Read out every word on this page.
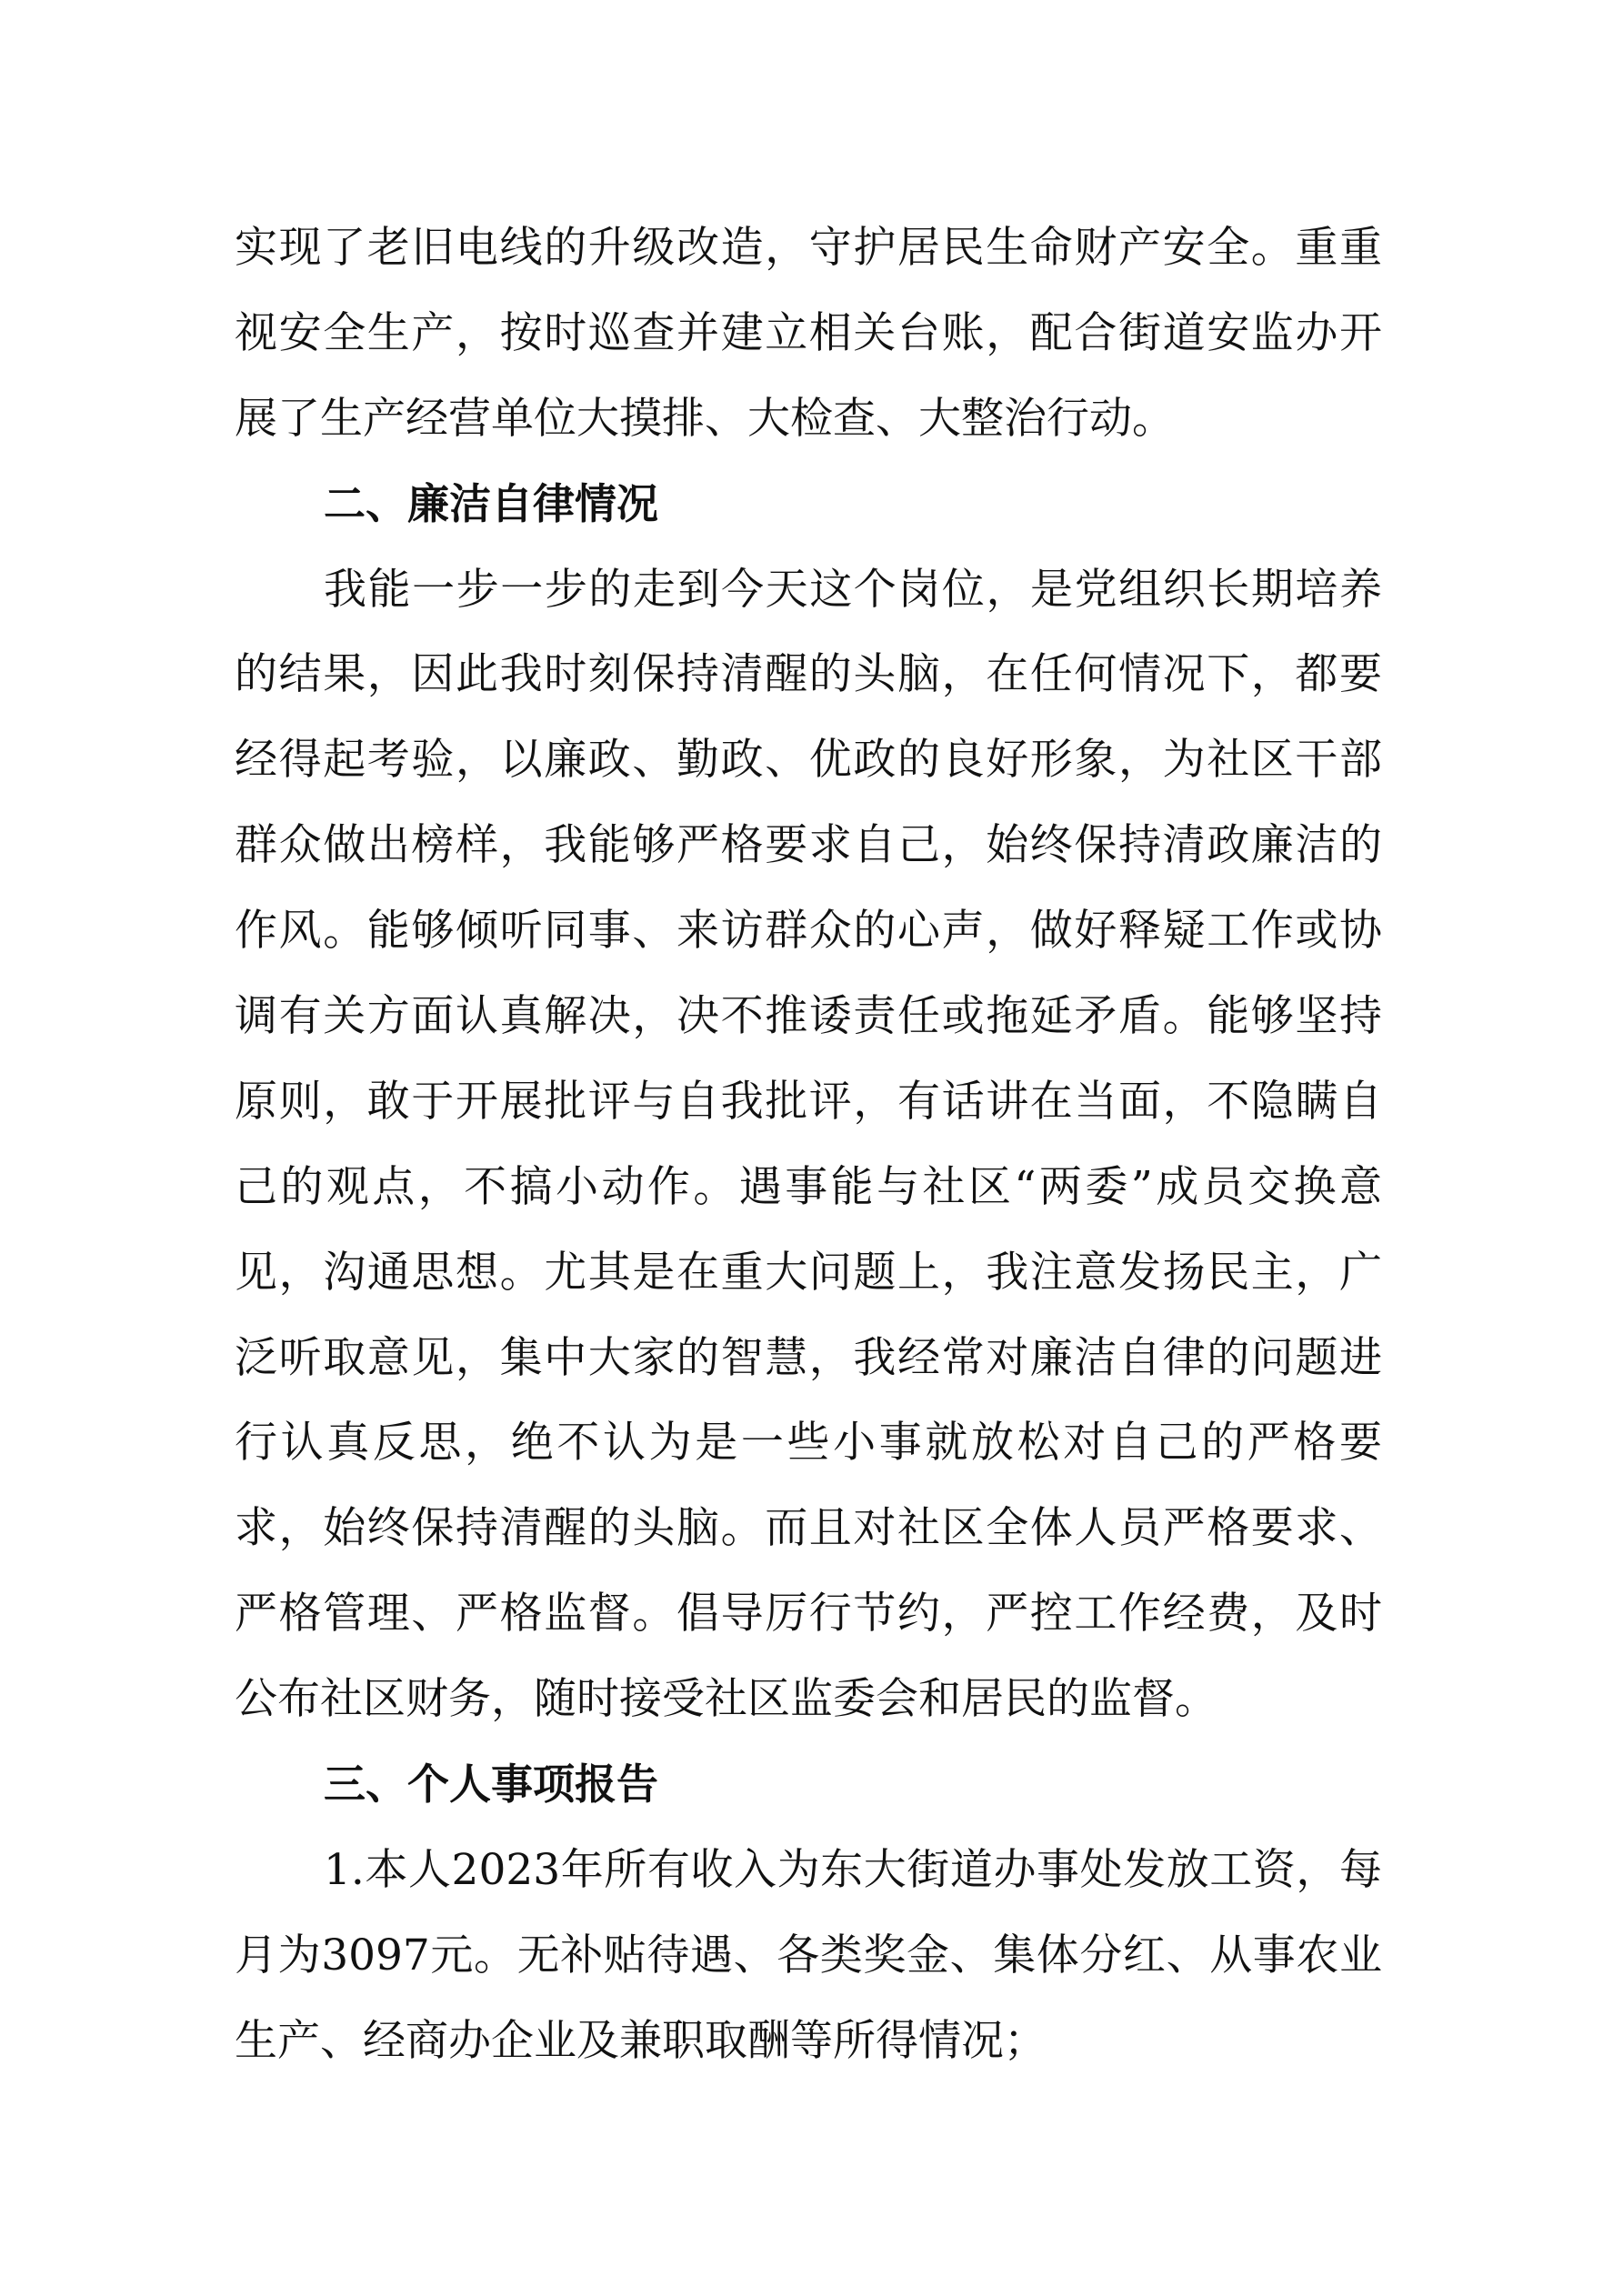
实现了老旧电线的升级改造，守护居民生命财产安全。重重
视安全生产，按时巡查并建立相关台账，配合街道安监办开
展了生产经营单位大摸排、大检查、大整治行动。
二、廉洁自律情况
我能一步一步的走到今天这个岗位，是党组织长期培养
的结果，因此我时刻保持清醒的头脑，在任何情况下，都要
经得起考验，以廉政、勤政、优政的良好形象，为社区干部
群众做出榜样，我能够严格要求自己，始终保持清政廉洁的
作风。能够倾听同事、来访群众的心声，做好释疑工作或协
调有关方面认真解决，决不推诿责任或拖延矛盾。能够坚持
原则，敢于开展批评与自我批评，有话讲在当面，不隐瞒自
己的观点，不搞小动作。遇事能与社区“两委”成员交换意
见，沟通思想。尤其是在重大问题上，我注意发扬民主，广
泛听取意见，集中大家的智慧，我经常对廉洁自律的问题进
行认真反思，绝不认为是一些小事就放松对自己的严格要
求，始终保持清醒的头脑。而且对社区全体人员严格要求、
严格管理、严格监督。倡导厉行节约，严控工作经费，及时
公布社区财务，随时接受社区监委会和居民的监督。
三、个人事项报告
1.本人2023年所有收入为东大街道办事处发放工资，每
月为3097元。无补贴待遇、各类奖金、集体分红、从事农业
生产、经商办企业及兼职取酬等所得情况；
